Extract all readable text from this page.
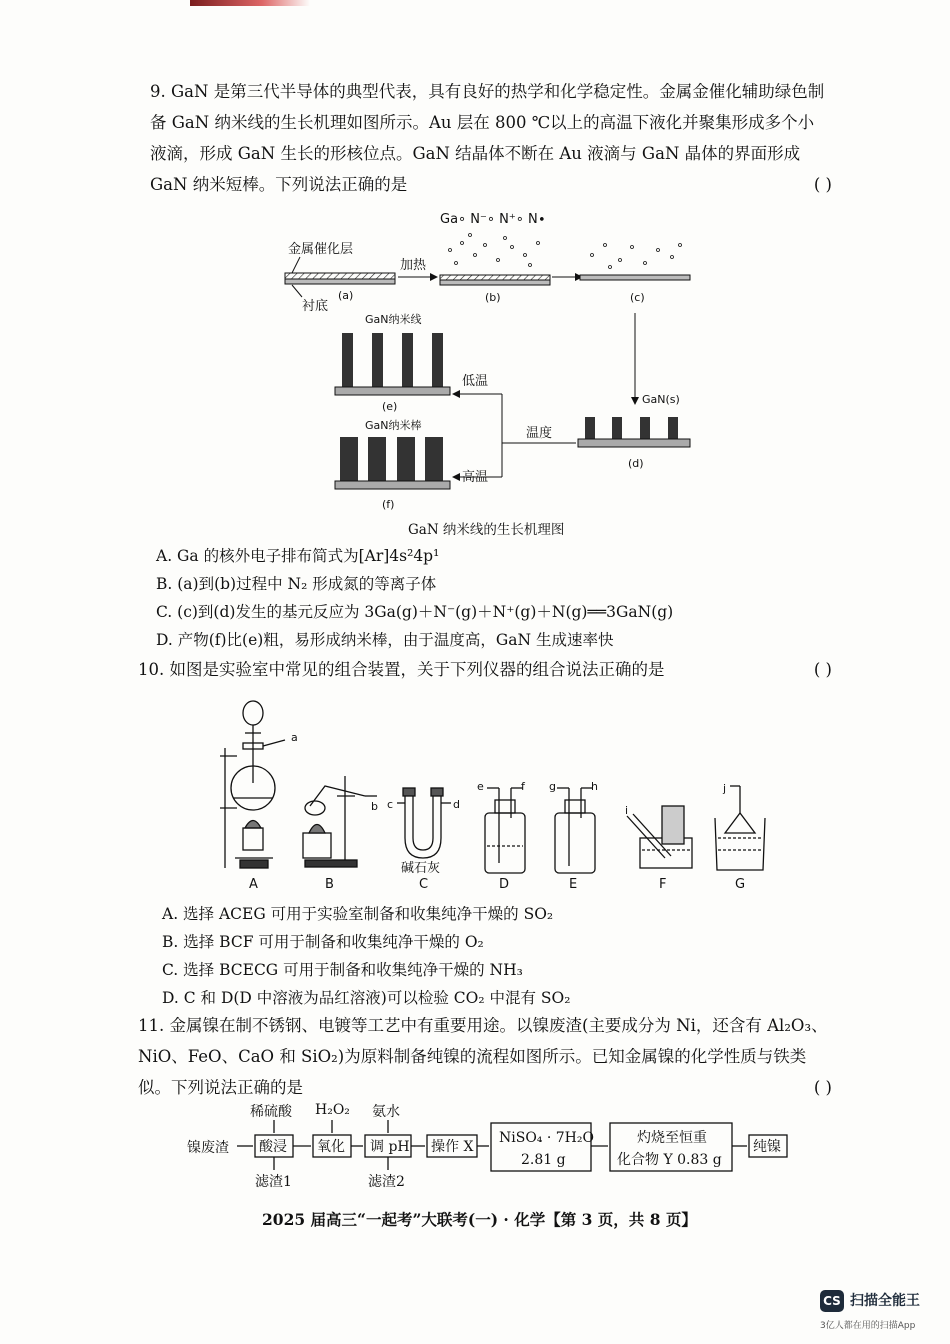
9. GaN 是第三代半导体的典型代表，具有良好的热学和化学稳定性。金属金催化辅助绿色制

备 GaN 纳米线的生长机理如图所示。Au 层在 800 ℃以上的高温下液化并聚集形成多个小

液滴，形成 GaN 生长的形核位点。GaN 结晶体不断在 Au 液滴与 GaN 晶体的界面形成

GaN 纳米短棒。下列说法正确的是	( )
Ga∘ N⁻∘ N⁺∘ N∙
金属催化层
衬底
(a)
加热
(b)	(c)
GaN(s)
(d)
低温
温度
高温
GaN纳米线
(e)
GaN纳米棒
(f)
GaN 纳米线的生长机理图
A. Ga 的核外电子排布简式为[Ar]4s²4p¹
B. (a)到(b)过程中 N₂ 形成氮的等离子体
C. (c)到(d)发生的基元反应为 3Ga(g)＋N⁻(g)＋N⁺(g)＋N(g)══3GaN(g)
D. 产物(f)比(e)粗，易形成纳米棒，由于温度高，GaN 生成速率快

10. 如图是实验室中常见的组合装置，关于下列仪器的组合说法正确的是	( )
a
A
b
B
c	d
碱石灰
C
e	f
D
g	h
E
i
F
j
G
A. 选择 ACEG 可用于实验室制备和收集纯净干燥的 SO₂
B. 选择 BCF 可用于制备和收集纯净干燥的 O₂
C. 选择 BCECG 可用于制备和收集纯净干燥的 NH₃
D. C 和 D(D 中溶液为品红溶液)可以检验 CO₂ 中混有 SO₂

11. 金属镍在制不锈钢、电镀等工艺中有重要用途。以镍废渣(主要成分为 Ni，还含有 Al₂O₃、

NiO、FeO、CaO 和 SiO₂)为原料制备纯镍的流程如图所示。已知金属镍的化学性质与铁类

似。下列说法正确的是	( )
稀硫酸 H₂O₂ 氨水
镍废渣 酸浸 氧化 调 pH 操作 X
NiSO₄ · 7H₂O
2.81 g
灼烧至恒重
化合物 Y 0.83 g
纯镍
滤渣1	滤渣2
2025 届高三“一起考”大联考(一) · 化学【第 3 页，共 8 页】
CS 扫描全能王
3亿人都在用的扫描App
